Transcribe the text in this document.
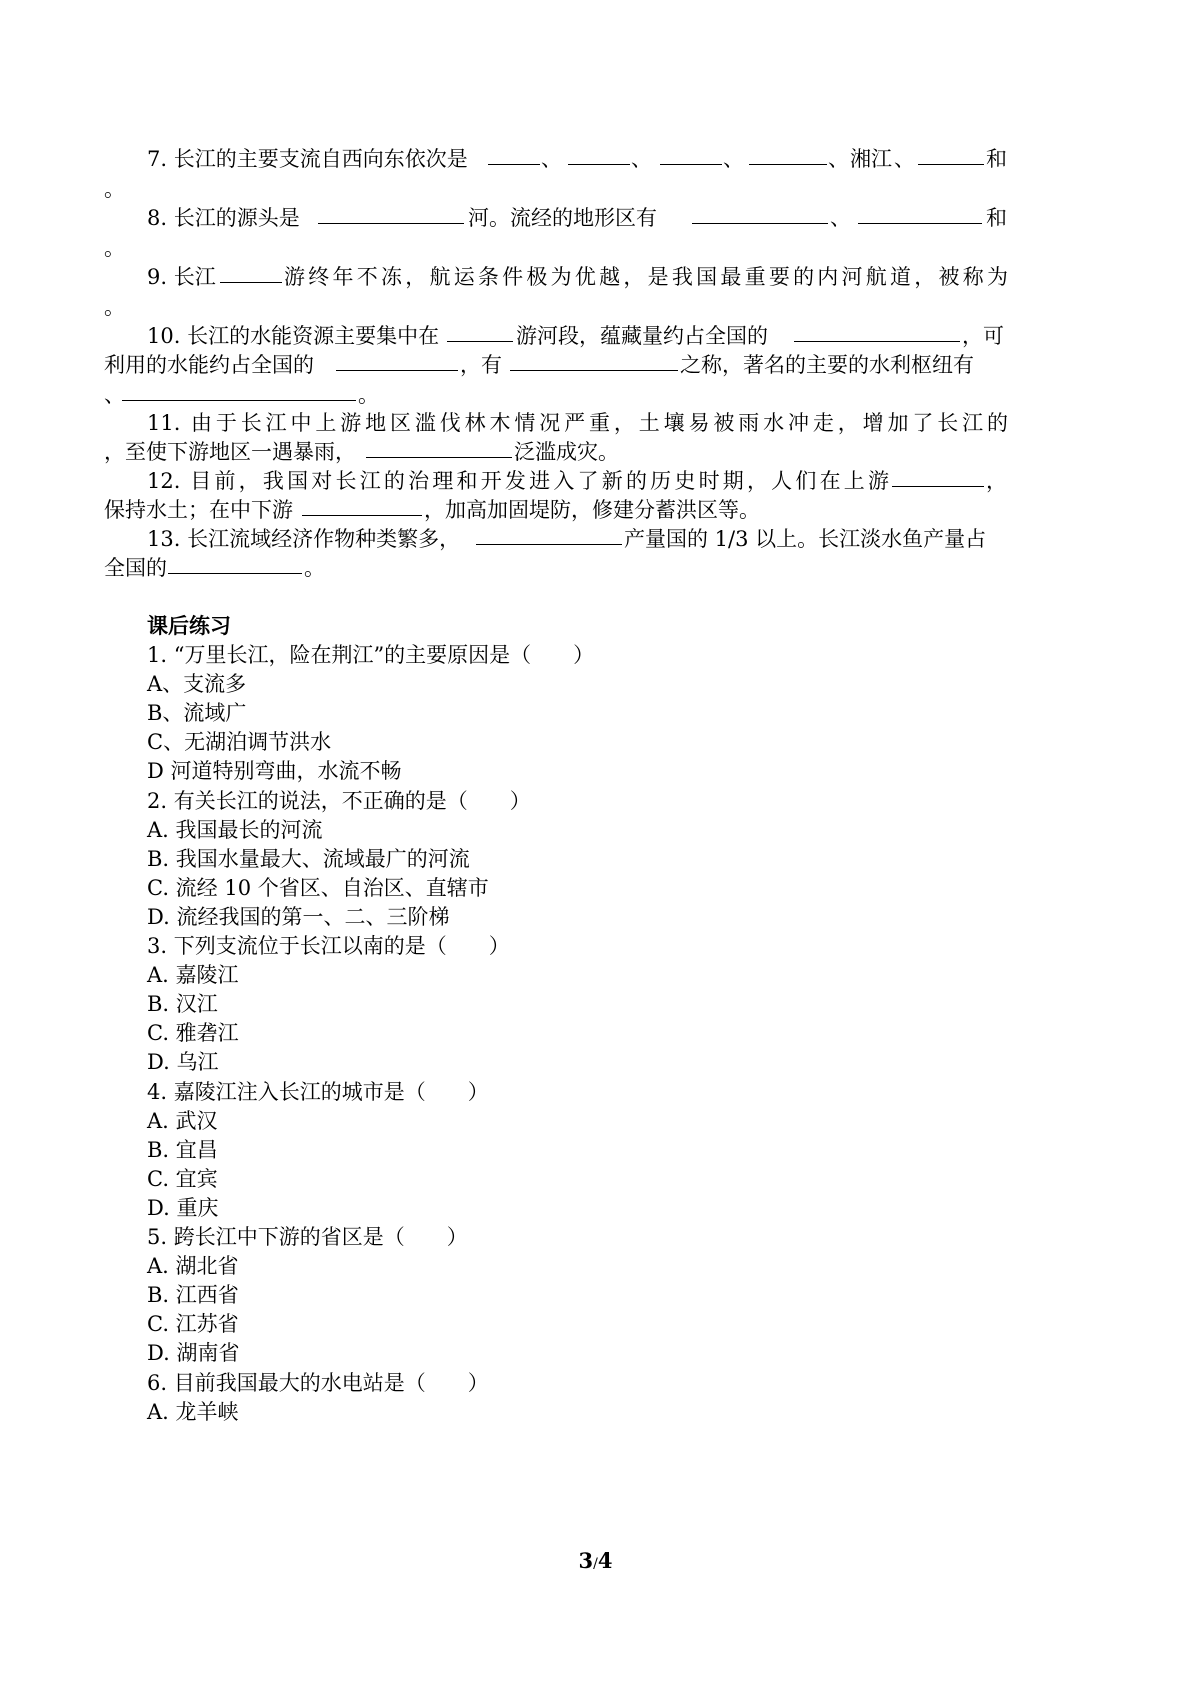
7. 长江的主要支流自西向东依次是	、	、	、	、 湘江 、	和
。
8. 长江的源头是	河。流经的地形区有	、	和
。
9. 长江	游终年不冻，航运条件极为优越，是我国最重要的内河航道，被称为
。
10. 长江的水能资源主要集中在	游河段，蕴藏量约占全国的	，可
利用的水能约占全国的	，有	之称，著名的主要的水利枢纽有
、	。
11. 由于长江中上游地区滥伐林木情况严重，土壤易被雨水冲走，增加了长江的
，至使下游地区一遇暴雨，	泛滥成灾。
12. 目前，我国对长江的治理和开发进入了新的历史时期，人们在上游	，
保持水土；在中下游	，加高加固堤防，修建分蓄洪区等。
13. 长江流域经济作物种类繁多，	产量国的 1/3 以上。长江淡水鱼产量占
全国的	。
课后练习
1. “万里长江，险在荆江”的主要原因是（　　）
A、支流多
B、流域广
C、无湖泊调节洪水
D 河道特别弯曲，水流不畅
2. 有关长江的说法，不正确的是（　　）
A. 我国最长的河流
B. 我国水量最大、流域最广的河流
C. 流经 10 个省区、自治区、直辖市
D. 流经我国的第一、二、三阶梯
3. 下列支流位于长江以南的是（　　）
A. 嘉陵江
B. 汉江
C. 雅砻江
D. 乌江
4. 嘉陵江注入长江的城市是（　　）
A. 武汉
B. 宜昌
C. 宜宾
D. 重庆
5. 跨长江中下游的省区是（　　）
A. 湖北省
B. 江西省
C. 江苏省
D. 湖南省
6. 目前我国最大的水电站是（　　）
A. 龙羊峡
3/4
